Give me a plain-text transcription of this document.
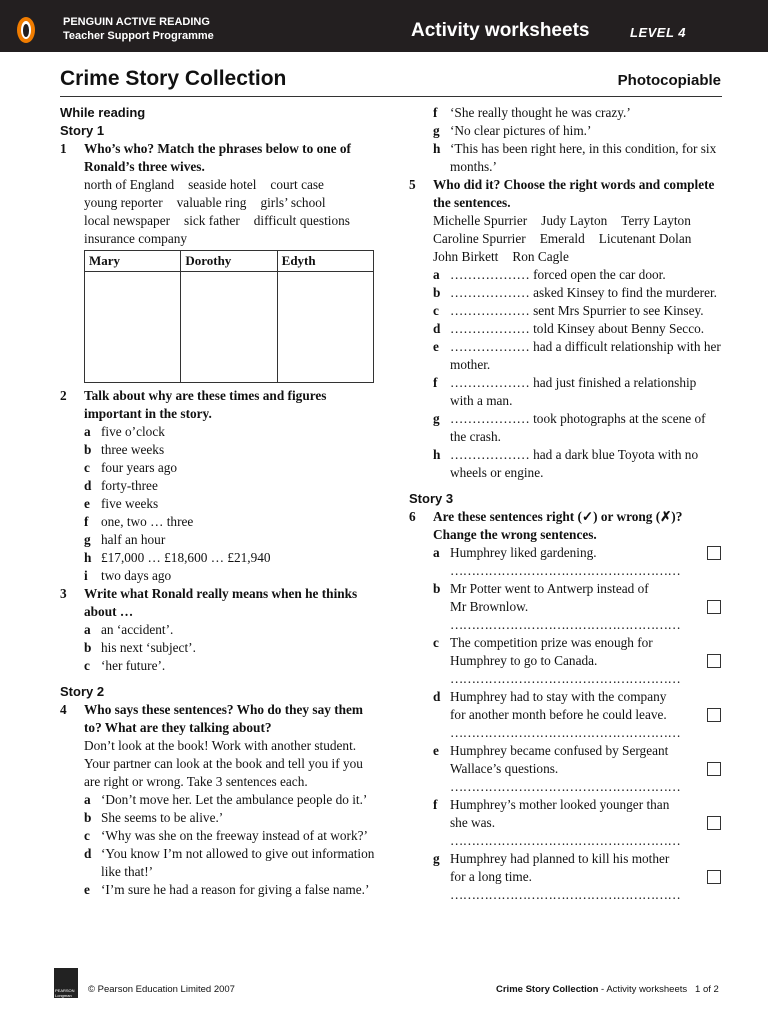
PENGUIN ACTIVE READING
Teacher Support Programme	Activity worksheets	LEVEL 4
Crime Story Collection	Photocopiable
While reading
Story 1
1 Who’s who? Match the phrases below to one of Ronald’s three wives.
north of England seaside hotel court case
young reporter valuable ring girls’ school
local newspaper sick father difficult questions
insurance company
Mary	Dorothy	Edyth

2 Talk about why are these times and figures important in the story.
a five o’clock
b three weeks
c four years ago
d forty-three
e five weeks
f one, two … three
g half an hour
h £17,000 … £18,600 … £21,940
i two days ago
3 Write what Ronald really means when he thinks about …
a an ‘accident’.
b his next ‘subject’.
c ‘her future’.
Story 2
4 Who says these sentences? Who do they say them to? What are they talking about?
Don’t look at the book! Work with another student. Your partner can look at the book and tell you if you are right or wrong. Take 3 sentences each.
a ‘Don’t move her. Let the ambulance people do it.’
b She seems to be alive.’
c ‘Why was she on the freeway instead of at work?’
d ‘You know I’m not allowed to give out information like that!’
e ‘I’m sure he had a reason for giving a false name.’
f ‘She really thought he was crazy.’
g ‘No clear pictures of him.’
h ‘This has been right here, in this condition, for six months.’
5 Who did it? Choose the right words and complete the sentences.
Michelle Spurrier Judy Layton Terry Layton
Caroline Spurrier Emerald Licutenant Dolan
John Birkett Ron Cagle
a ……………… forced open the car door.
b ……………… asked Kinsey to find the murderer.
c ……………… sent Mrs Spurrier to see Kinsey.
d ……………… told Kinsey about Benny Secco.
e ……………… had a difficult relationship with her mother.
f ……………… had just finished a relationship with a man.
g ……………… took photographs at the scene of the crash.
h ……………… had a dark blue Toyota with no wheels or engine.
Story 3
6 Are these sentences right (✓) or wrong (✗)? Change the wrong sentences.
a Humphrey liked gardening.
………………………………………………
b Mr Potter went to Antwerp instead of
Mr Brownlow.
………………………………………………
c The competition prize was enough for
Humphrey to go to Canada.
………………………………………………
d Humphrey had to stay with the company
for another month before he could leave.
………………………………………………
e Humphrey became confused by Sergeant
Wallace’s questions.
………………………………………………
f Humphrey’s mother looked younger than
she was.
………………………………………………
g Humphrey had planned to kill his mother
for a long time.
………………………………………………
PEARSON Longman
© Pearson Education Limited 2007	Crime Story Collection - Activity worksheets 1 of 2
